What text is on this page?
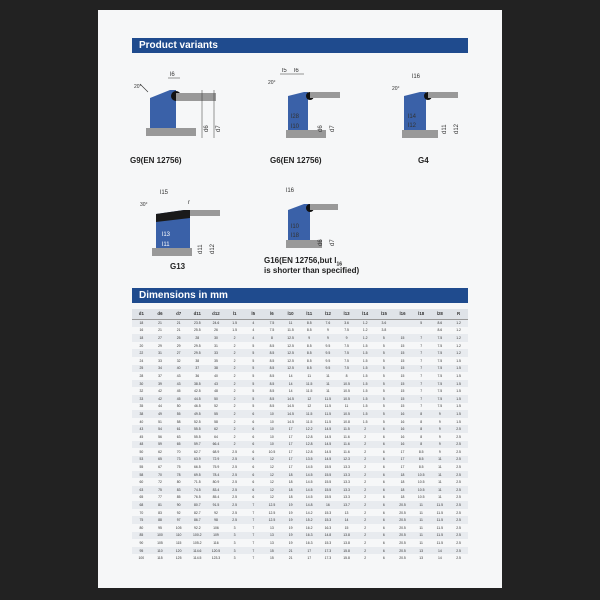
Product variants
20°
l6
d6 d7
G9(EN 12756)
20°
l5 l6
l28
l10	d6 d7
G6(EN 12756)
20°
l16
l14
l12	d11 d12
G4
30°
l15
r
l13
l11	d11 d12
G13
l16
l10
l18
d6 d7
G16(EN 12756,but $l_{16}$
is shorter than specified)
Dimensions in mm
d1	d6	d7	d11	d12	l1	l5	l6	l10	l11	l12	l13	l14	l15	l16	l18	l28	R
18	21	21	23.5	24.6	1.5	4	7.5	11	8.5	7.6	3.6	1.2	3.6		5	8.6	1.2
16	21	21	25.5	26	1.5	4	7.5	11.5	8.5	9	7.5	1.2	3.8			8.6	1.2
18	27	25	28	30	2	4	8	12.5	9	9	9	1.2	5	15	7	7.5	1.2
20	29	29	29.5	31	2	5	8.5	12.5	8.5	9.5	7.5	1.5	5	15	7	7.5	1.2
22	31	27	29.5	33	2	5	8.5	12.5	8.5	9.5	7.5	1.5	5	15	7	7.5	1.2
24	33	32	38	35	2	5	8.5	12.5	8.5	9.5	7.5	1.5	5	15	7	7.5	1.5
25	34	40	37	38	2	5	8.5	12.5	8.5	9.5	7.5	1.5	5	15	7	7.5	1.5
28	37	43	36	40	2	5	8.5	14	11	11	8	1.5	5	15	7	7.5	1.5
30	39	43	38.5	43	2	5	8.5	14	11.5	11	10.5	1.5	5	15	7	7.5	1.5
32	42	45	42.5	48	2	5	8.5	14	11.5	11	10.5	1.5	5	15	7	7.5	1.5
33	42	45	44.5	50	2	5	8.5	14.5	12	11.5	10.5	1.5	5	15	7	7.5	1.5
35	44	50	46.5	52	2	5	8.5	14.5	12	11.5	11	1.5	5	15	7	7.5	1.5
38	49	55	49.5	55	2	6	10	14.5	11.5	11.5	10.5	1.5	5	16	8	9	1.5
40	51	58	52.5	58	2	6	10	14.5	11.5	11.5	10.8	1.5	5	16	8	9	1.5
43	54	61	55.5	62	2	6	10	17	12.2	14.5	11.5	2	6	16	8	9	2.5
45	56	63	55.5	64	2	6	10	17	12.8	14.5	11.6	2	6	16	8	9	2.5
48	59	65	59.7	66.4	2	6	10	17	12.8	14.5	11.6	2	6	16	8	9	2.5
50	62	70	62.7	68.9	2.5	6	10.5	17	12.8	14.5	11.6	2	6	17	8.5	9	2.5
53	65	73	63.9	72.9	2.5	6	12	17	13.5	14.5	12.3	2	6	17	8.5	11	2.5
55	67	75	66.5	75.9	2.5	6	12	17	14.5	15.5	13.3	2	6	17	8.5	11	2.5
58	70	78	69.5	78.4	2.5	6	12	18	14.5	15.5	13.3	2	6	18	10.5	11	2.5
60	72	80	71.5	80.9	2.5	6	12	18	14.5	15.5	13.3	2	6	18	10.5	11	2.5
63	75	83	74.5	83.4	2.5	6	12	18	14.5	15.5	13.3	2	6	18	10.5	11	2.5
65	77	85	76.5	85.4	2.5	6	12	18	14.5	15.5	13.3	2	6	18	10.5	11	2.5
68	81	90	80.7	91.5	2.5	7	12.5	19	14.8	16	13.7	2	6	20.5	11	11.5	2.5
70	83	92	82.7	92	2.5	7	12.5	19	14.2	15.3	13	2	6	20.5	11	11.5	2.5
75	88	97	86.7	98	2.5	7	12.5	19	15.2	15.3	14	2	6	20.5	11	11.5	2.5
80	95	105	92.2	106	3	7	13	19	16.2	16.3	15	2	6	20.5	11	11.5	2.5
85	100	110	100.2	109	3	7	13	19	16.3	14.8	13.8	2	6	20.5	11	11.5	2.5
90	105	115	105.2	116	3	7	13	19	16.3	15.3	13.8	2	6	20.5	11	11.5	2.5
95	110	120	114.6	120.5	3	7	15	21	17	17.3	15.8	2	6	20.5	13	14	2.5
100	115	125	114.5	123.3	3	7	15	21	17	17.3	15.8	2	6	20.5	13	14	2.5
